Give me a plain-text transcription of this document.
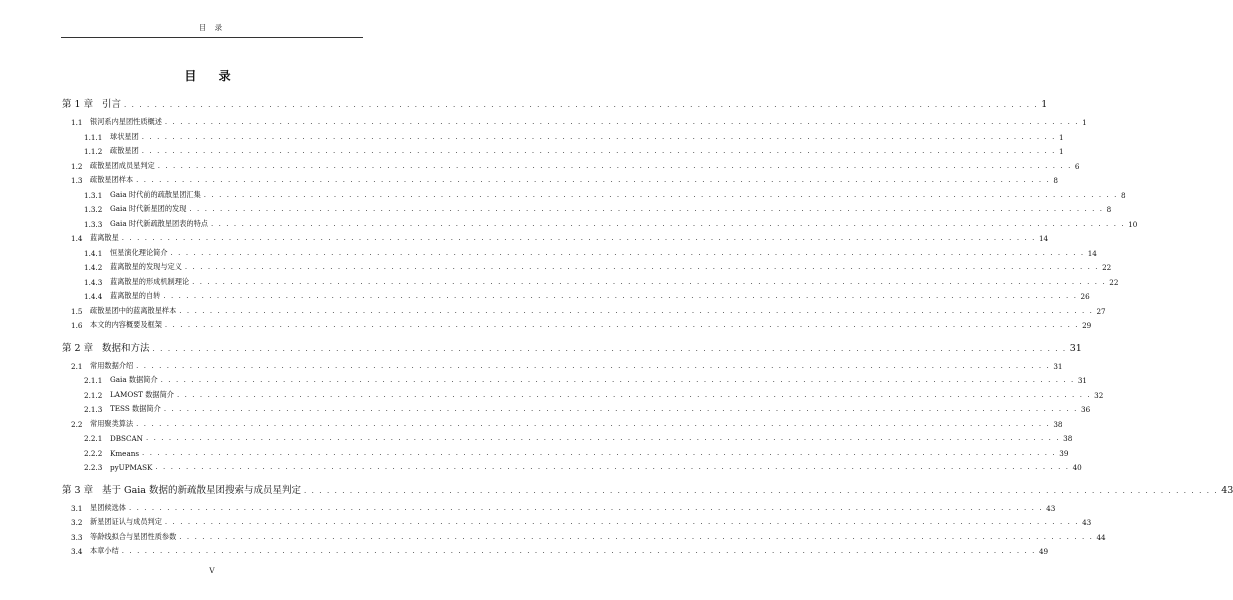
目 录
目 录
第 1 章 引言 . . . . . . . . . . . . . . . . . . . . . . . . . . . . . . . . . . . . . . . . . . . . . . . . . . . . . . . . . . . . . . . . . . . . . . . . . . . . . . . . . . . . . . . . . . . . . . . . . . . . . . . . . . . . . . . . . . . . . . . . 1
1.1	银河系内星团性质概述 . . . . . . . . . . . . . . . . . . . . . . . . . . . . . . . . . . . . . . . . . . . . . . . . . . . . . . . . . . . . . . . . . . . . . . . . . . . . . . . . . . . . . . . . . . . . . . . . . . . . . . . . . . . . . . . . . . . . . . . . 1
1.1.1	球状星团 . . . . . . . . . . . . . . . . . . . . . . . . . . . . . . . . . . . . . . . . . . . . . . . . . . . . . . . . . . . . . . . . . . . . . . . . . . . . . . . . . . . . . . . . . . . . . . . . . . . . . . . . . . . . . . . . . . . . . . . . 1
1.1.2	疏散星团 . . . . . . . . . . . . . . . . . . . . . . . . . . . . . . . . . . . . . . . . . . . . . . . . . . . . . . . . . . . . . . . . . . . . . . . . . . . . . . . . . . . . . . . . . . . . . . . . . . . . . . . . . . . . . . . . . . . . . . . . 1
1.2	疏散星团成员星判定 . . . . . . . . . . . . . . . . . . . . . . . . . . . . . . . . . . . . . . . . . . . . . . . . . . . . . . . . . . . . . . . . . . . . . . . . . . . . . . . . . . . . . . . . . . . . . . . . . . . . . . . . . . . . . . . . . . . . . . . . 6
1.3	疏散星团样本 . . . . . . . . . . . . . . . . . . . . . . . . . . . . . . . . . . . . . . . . . . . . . . . . . . . . . . . . . . . . . . . . . . . . . . . . . . . . . . . . . . . . . . . . . . . . . . . . . . . . . . . . . . . . . . . . . . . . . . . . 8
1.3.1	Gaia 时代前的疏散星团汇集 . . . . . . . . . . . . . . . . . . . . . . . . . . . . . . . . . . . . . . . . . . . . . . . . . . . . . . . . . . . . . . . . . . . . . . . . . . . . . . . . . . . . . . . . . . . . . . . . . . . . . . . . . . . . . . . . . . . . . . . . 8
1.3.2	Gaia 时代新星团的发现 . . . . . . . . . . . . . . . . . . . . . . . . . . . . . . . . . . . . . . . . . . . . . . . . . . . . . . . . . . . . . . . . . . . . . . . . . . . . . . . . . . . . . . . . . . . . . . . . . . . . . . . . . . . . . . . . . . . . . . . . 8
1.3.3	Gaia 时代新疏散星团表的特点 . . . . . . . . . . . . . . . . . . . . . . . . . . . . . . . . . . . . . . . . . . . . . . . . . . . . . . . . . . . . . . . . . . . . . . . . . . . . . . . . . . . . . . . . . . . . . . . . . . . . . . . . . . . . . . . . . . . . . . . . 10
1.4	蓝离散星 . . . . . . . . . . . . . . . . . . . . . . . . . . . . . . . . . . . . . . . . . . . . . . . . . . . . . . . . . . . . . . . . . . . . . . . . . . . . . . . . . . . . . . . . . . . . . . . . . . . . . . . . . . . . . . . . . . . . . . . . 14
1.4.1	恒星演化理论简介 . . . . . . . . . . . . . . . . . . . . . . . . . . . . . . . . . . . . . . . . . . . . . . . . . . . . . . . . . . . . . . . . . . . . . . . . . . . . . . . . . . . . . . . . . . . . . . . . . . . . . . . . . . . . . . . . . . . . . . . . 14
1.4.2	蓝离散星的发现与定义 . . . . . . . . . . . . . . . . . . . . . . . . . . . . . . . . . . . . . . . . . . . . . . . . . . . . . . . . . . . . . . . . . . . . . . . . . . . . . . . . . . . . . . . . . . . . . . . . . . . . . . . . . . . . . . . . . . . . . . . . 22
1.4.3	蓝离散星的形成机制理论 . . . . . . . . . . . . . . . . . . . . . . . . . . . . . . . . . . . . . . . . . . . . . . . . . . . . . . . . . . . . . . . . . . . . . . . . . . . . . . . . . . . . . . . . . . . . . . . . . . . . . . . . . . . . . . . . . . . . . . . . 22
1.4.4	蓝离散星的自转 . . . . . . . . . . . . . . . . . . . . . . . . . . . . . . . . . . . . . . . . . . . . . . . . . . . . . . . . . . . . . . . . . . . . . . . . . . . . . . . . . . . . . . . . . . . . . . . . . . . . . . . . . . . . . . . . . . . . . . . . 26
1.5	疏散星团中的蓝离散星样本 . . . . . . . . . . . . . . . . . . . . . . . . . . . . . . . . . . . . . . . . . . . . . . . . . . . . . . . . . . . . . . . . . . . . . . . . . . . . . . . . . . . . . . . . . . . . . . . . . . . . . . . . . . . . . . . . . . . . . . . . 27
1.6	本文的内容概要及框架 . . . . . . . . . . . . . . . . . . . . . . . . . . . . . . . . . . . . . . . . . . . . . . . . . . . . . . . . . . . . . . . . . . . . . . . . . . . . . . . . . . . . . . . . . . . . . . . . . . . . . . . . . . . . . . . . . . . . . . . . 29
第 2 章 数据和方法 . . . . . . . . . . . . . . . . . . . . . . . . . . . . . . . . . . . . . . . . . . . . . . . . . . . . . . . . . . . . . . . . . . . . . . . . . . . . . . . . . . . . . . . . . . . . . . . . . . . . . . . . . . . . . . . . . . . . . . . . 31
2.1	常用数据介绍 . . . . . . . . . . . . . . . . . . . . . . . . . . . . . . . . . . . . . . . . . . . . . . . . . . . . . . . . . . . . . . . . . . . . . . . . . . . . . . . . . . . . . . . . . . . . . . . . . . . . . . . . . . . . . . . . . . . . . . . . 31
2.1.1	Gaia 数据简介 . . . . . . . . . . . . . . . . . . . . . . . . . . . . . . . . . . . . . . . . . . . . . . . . . . . . . . . . . . . . . . . . . . . . . . . . . . . . . . . . . . . . . . . . . . . . . . . . . . . . . . . . . . . . . . . . . . . . . . . . 31
2.1.2	LAMOST 数据简介 . . . . . . . . . . . . . . . . . . . . . . . . . . . . . . . . . . . . . . . . . . . . . . . . . . . . . . . . . . . . . . . . . . . . . . . . . . . . . . . . . . . . . . . . . . . . . . . . . . . . . . . . . . . . . . . . . . . . . . . . 32
2.1.3	TESS 数据简介 . . . . . . . . . . . . . . . . . . . . . . . . . . . . . . . . . . . . . . . . . . . . . . . . . . . . . . . . . . . . . . . . . . . . . . . . . . . . . . . . . . . . . . . . . . . . . . . . . . . . . . . . . . . . . . . . . . . . . . . . 36
2.2	常用聚类算法 . . . . . . . . . . . . . . . . . . . . . . . . . . . . . . . . . . . . . . . . . . . . . . . . . . . . . . . . . . . . . . . . . . . . . . . . . . . . . . . . . . . . . . . . . . . . . . . . . . . . . . . . . . . . . . . . . . . . . . . . 38
2.2.1	DBSCAN . . . . . . . . . . . . . . . . . . . . . . . . . . . . . . . . . . . . . . . . . . . . . . . . . . . . . . . . . . . . . . . . . . . . . . . . . . . . . . . . . . . . . . . . . . . . . . . . . . . . . . . . . . . . . . . . . . . . . . . . 38
2.2.2	Kmeans . . . . . . . . . . . . . . . . . . . . . . . . . . . . . . . . . . . . . . . . . . . . . . . . . . . . . . . . . . . . . . . . . . . . . . . . . . . . . . . . . . . . . . . . . . . . . . . . . . . . . . . . . . . . . . . . . . . . . . . . 39
2.2.3	pyUPMASK . . . . . . . . . . . . . . . . . . . . . . . . . . . . . . . . . . . . . . . . . . . . . . . . . . . . . . . . . . . . . . . . . . . . . . . . . . . . . . . . . . . . . . . . . . . . . . . . . . . . . . . . . . . . . . . . . . . . . . . . 40
第 3 章 基于 Gaia 数据的新疏散星团搜索与成员星判定 . . . . . . . . . . . . . . . . . . . . . . . . . . . . . . . . . . . . . . . . . . . . . . . . . . . . . . . . . . . . . . . . . . . . . . . . . . . . . . . . . . . . . . . . . . . . . . . . . . . . . . . . . . . . . . . . . . . . . . . . 43
3.1	星团候选体 . . . . . . . . . . . . . . . . . . . . . . . . . . . . . . . . . . . . . . . . . . . . . . . . . . . . . . . . . . . . . . . . . . . . . . . . . . . . . . . . . . . . . . . . . . . . . . . . . . . . . . . . . . . . . . . . . . . . . . . . 43
3.2	新星团证认与成员判定 . . . . . . . . . . . . . . . . . . . . . . . . . . . . . . . . . . . . . . . . . . . . . . . . . . . . . . . . . . . . . . . . . . . . . . . . . . . . . . . . . . . . . . . . . . . . . . . . . . . . . . . . . . . . . . . . . . . . . . . . 43
3.3	等龄线拟合与星团性质参数 . . . . . . . . . . . . . . . . . . . . . . . . . . . . . . . . . . . . . . . . . . . . . . . . . . . . . . . . . . . . . . . . . . . . . . . . . . . . . . . . . . . . . . . . . . . . . . . . . . . . . . . . . . . . . . . . . . . . . . . . 44
3.4	本章小结 . . . . . . . . . . . . . . . . . . . . . . . . . . . . . . . . . . . . . . . . . . . . . . . . . . . . . . . . . . . . . . . . . . . . . . . . . . . . . . . . . . . . . . . . . . . . . . . . . . . . . . . . . . . . . . . . . . . . . . . . 49
V
